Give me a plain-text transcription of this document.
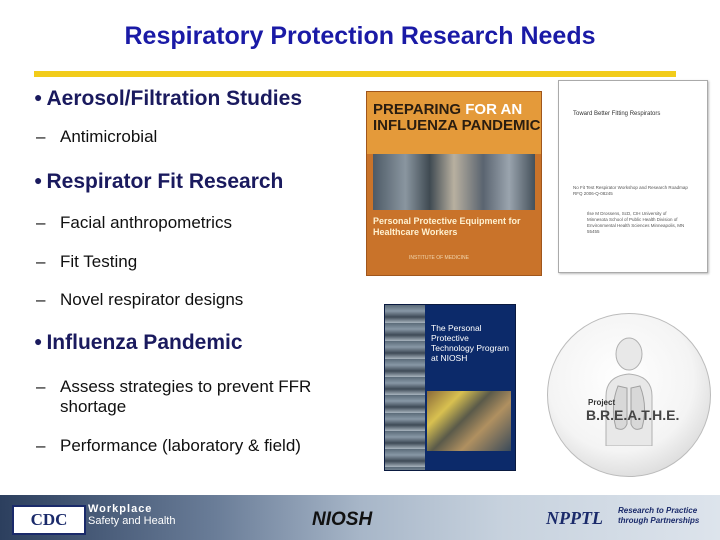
Respiratory Protection Research Needs
● Aerosol/Filtration Studies
– Antimicrobial
● Respirator Fit Research
– Facial anthropometrics
– Fit Testing
– Novel respirator designs
● Influenza Pandemic
– Assess strategies to prevent FFR shortage
– Performance (laboratory & field)
PREPARING FOR AN
INFLUENZA PANDEMIC
Personal Protective Equipment for Healthcare Workers
INSTITUTE OF MEDICINE
Toward Better Fitting Respirators
No Fit Test Respirator Workshop and Research Roadmap RFQ 2006-Q-08245
Ilse M Drossens, ScD, CIH University of Minnesota School of Public Health Division of Environmental Health Sciences Minneapolis, MN 55455
The Personal Protective Technology Program at NIOSH
Project
B.R.E.A.T.H.E.
CDC
Workplace
Safety and Health	NIOSH	NPPTL Research to Practice
through Partnerships
